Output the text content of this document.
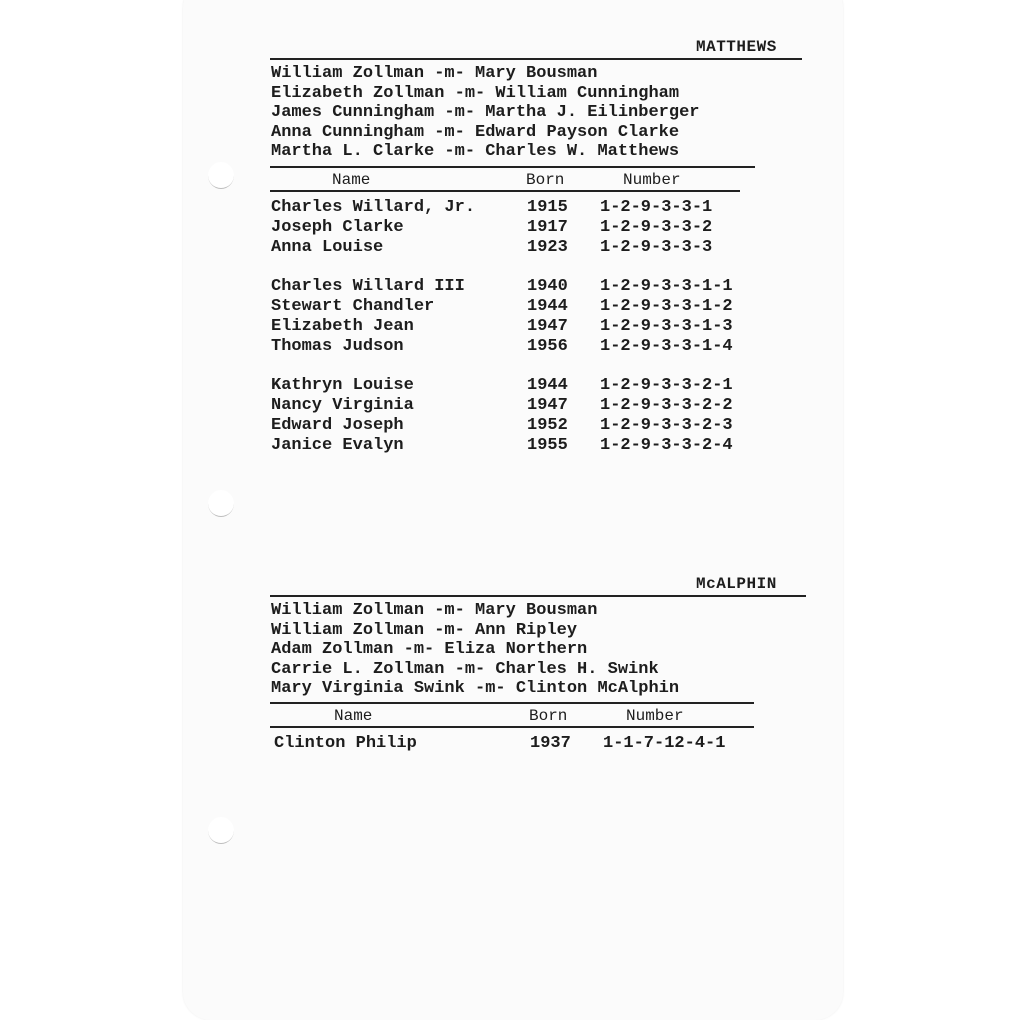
MATTHEWS
William Zollman -m- Mary Bousman
Elizabeth Zollman -m- William Cunningham
James Cunningham -m- Martha J. Eilinberger
Anna Cunningham -m- Edward Payson Clarke
Martha L. Clarke -m- Charles W. Matthews
Name	Born	Number
Charles Willard, Jr.	1915 1-2-9-3-3-1
Joseph Clarke	1917 1-2-9-3-3-2
Anna Louise	1923 1-2-9-3-3-3
Charles Willard III	1940 1-2-9-3-3-1-1
Stewart Chandler	1944 1-2-9-3-3-1-2
Elizabeth Jean	1947 1-2-9-3-3-1-3
Thomas Judson	1956 1-2-9-3-3-1-4
Kathryn Louise	1944 1-2-9-3-3-2-1
Nancy Virginia	1947 1-2-9-3-3-2-2
Edward Joseph	1952 1-2-9-3-3-2-3
Janice Evalyn	1955 1-2-9-3-3-2-4
McALPHIN
William Zollman -m- Mary Bousman
William Zollman -m- Ann Ripley
Adam Zollman -m- Eliza Northern
Carrie L. Zollman -m- Charles H. Swink
Mary Virginia Swink -m- Clinton McAlphin
Name	Born	Number
Clinton Philip	1937 1-1-7-12-4-1
